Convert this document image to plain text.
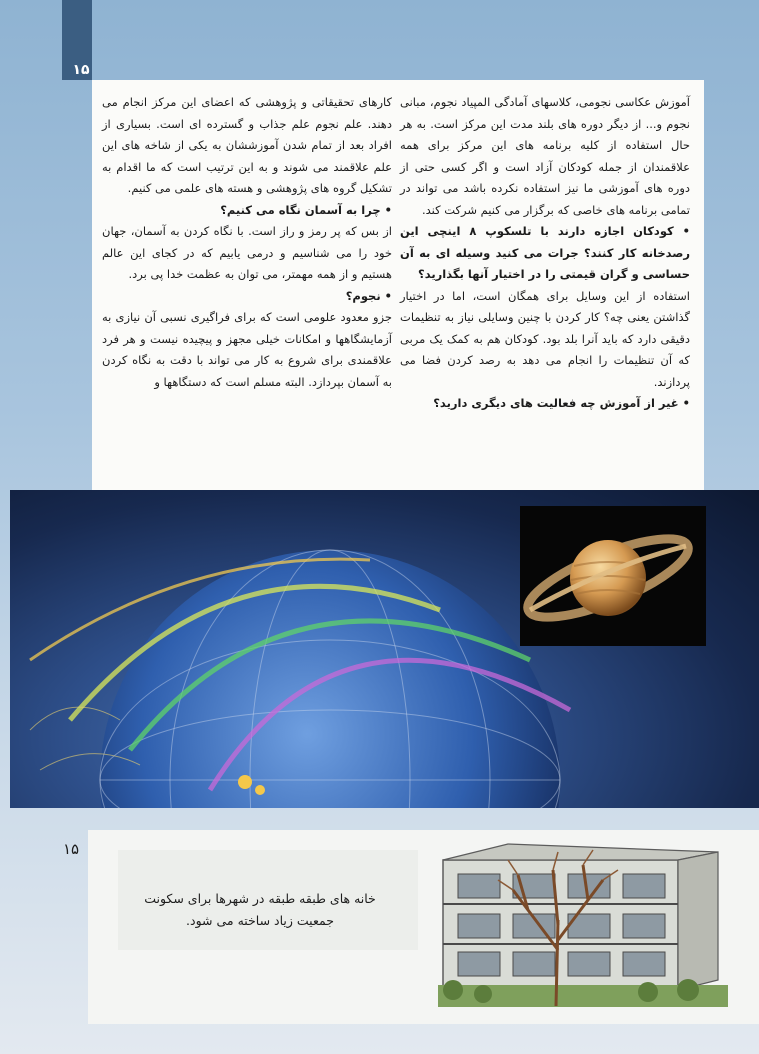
۱۵

آموزش عکاسی نجومی، کلاسهای آمادگی المپیاد نجوم، مبانی نجوم و... از دیگر دوره های بلند مدت این مرکز است. به هر حال استفاده از کلیه برنامه های این مرکز برای همه علاقمندان از جمله کودکان آزاد است و اگر کسی حتی از دوره های آموزشی ما نیز استفاده نکرده باشد می تواند در تمامی برنامه های خاصی که برگزار می کنیم شرکت کند.

• کودکان اجازه دارند با تلسکوپ ۸ اینچی این رصدخانه کار کنند؟ جرات می کنید وسیله ای به آن حساسی و گران قیمتی را در اختیار آنها بگذارید؟

استفاده از این وسایل برای همگان است، اما در اختیار گذاشتن یعنی چه؟ کار کردن با چنین وسایلی نیاز به تنظیمات دقیقی دارد که باید آنرا بلد بود. کودکان هم به کمک یک مربی که آن تنظیمات را انجام می دهد به رصد کردن فضا می پردازند.

• غیر از آموزش چه فعالیت های دیگری دارید؟

کارهای تحقیقاتی و پژوهشی که اعضای این مرکز انجام می دهند. علم نجوم علم جذاب و گسترده ای است. بسیاری از افراد بعد از تمام شدن آموزششان به یکی از شاخه های این علم علاقمند می شوند و به این ترتیب است که ما اقدام به تشکیل گروه های پژوهشی و هسته های علمی می کنیم.

• چرا به آسمان نگاه می کنیم؟

از بس که پر رمز و راز است. با نگاه کردن به آسمان، جهان خود را می شناسیم و درمی یابیم که در کجای این عالم هستیم و از همه مهمتر، می توان به عظمت خدا پی برد.

• نجوم؟

جزو معدود علومی است که برای فراگیری نسبی آن نیازی به آزمایشگاهها و امکانات خیلی مجهز و پیچیده نیست و هر فرد علاقمندی برای شروع به کار می تواند با دقت به نگاه کردن به آسمان بپردازد. البته مسلم است که دستگاهها و

۱۵
خانه های طبقه طبقه در شهرها برای سکونت جمعیت زیاد ساخته می شود.
